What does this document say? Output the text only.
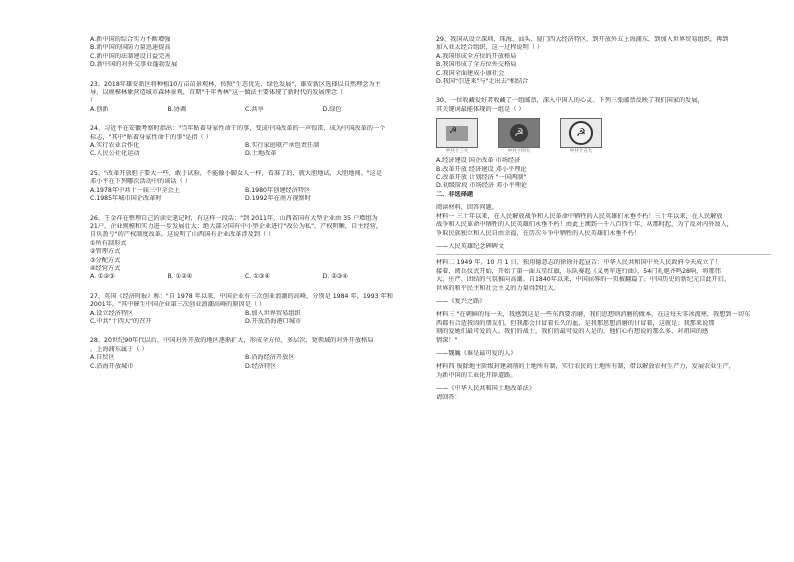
A.新中国的综合实力不断增强
B.新中国的国防力量迅速提高
C.新中国的法制建设日益完善
D.新中国的对外交事业蓬勃发展
23、2018年雄安新区将种植10万亩苗景观林，按照"生态优先、绿色发展"，雄安新区选择以自然理念为主
导，以规模林象营造城市森林景观，首期"千年秀林"这一做法主要体现了新时代的发展理念（
）
A.创新	B.协调	C.共享	D.绿色
24、习近平在安徽考察时指出："当年贴着身家性命干的事，变成中国改革的一声惊雷，成为中国改革的一个
标志，"其中"贴着身家性命干的事"是指（ ）
A.实行农业合作化	B.实行家庭联产承包责任制
C.人民公社化运动	D.土地改革
25、"改革开放胆子要大一些，敢于试验，不能像小脚女人一样，看准了的，就大胆地试，大胆地闯。"这是
邓小平在下列哪次活动中的谈话（ ）
A.1978年中共十一届三中全会上	B.1980年创建经济特区
C.1985年城市国企改革时	D.1992年在南方视察时
26、王金祥在整理自己的读史笔记时，有这样一段话："到 2011年，山西省国有大型企业由 35 户增组为
21户，企业规模和实力进一步发展壮大；绝大部分国有中小型企业进行"改公为私"，产权明晰，自主经营，
自负盈亏"的产权制度改革。这说明了山西国有企业改革涉及到（ ）
①所有制形式
②管理方式
③分配方式
④经营方式
A. ①②③	B. ①②④	C. ①③④	D. ②③④
27、英国《经济时报》称："自 1978 年以来，中国企业有三次创业浪潮的高峰，分别是 1984 年、1993 年和
2001年。"其中催生中国企业第三次创业浪潮高峰的原因是（ ）
A.设立经济特区	B.加入世界贸易组织
C.中共"十四大"的召开	D.开放沿海港口城市
28、20世纪90年代以后，中国对外开放的地区逐渐扩大，形成全方位、多层次、宽领域的对外开放格局
。上海浦东属于（ ）
A.自贸区	B.沿海经济开放区
C.沿海开放城市	D.经济特区
29、我国从设立深圳、珠海、汕头、厦门四大经济特区，到开放外五上海浦东，到加入世界贸易组织，再到
加入亚太经合组织，这一过程说明（ ）
A.我国形成全方位的开放格局
B.我国形成了全方位外交格局
C.我国全面建成小康社会
D.我国"引进来"与"走出去"相结合
30、一位收藏爱好者收藏了一组邮票，深入中国人的心灵。下列三张邮票反映了我们国家的发展，
其关键词最能体现的一组是（ ）
☭
中共十三大
☭
中共十四大
☭
中共十五大
A.经济建设 国企改革 市场经济
B.改革开放 经济建设 邓小平理论
C.改革开放 计划经济 "一国两制"
D.初级阶段 市场经济 邓小平理论
二、非选择题
阅读材料，回答问题。
材料一 三十年以来，在人民解放战争和人民革命中牺牲的人民英雄们永垂不朽！三十年以来，在人民解放
战争和人民革命中牺牲的人民英雄们永垂不朽！由此上溯到一千八百四十年，从那时起，为了反对内外敌人，
争取民族独立和人民自由幸福，在历次斗争中牺牲的人民英雄们永垂不朽！
——人民英雄纪念碑碑文
材料二 1949 年，10 月 1 日，独用德意志的徐徐升起宣告：中华人民共和国中央人民政府今天成立了！
接着，阅兵仪式开始，开始了第一面五星红旗，乐队奏起《义勇军进行曲》，54门礼炮齐鸣28响，将那伟
大、庄严、团结的气氛推向高潮。自1840年以来，中国屈辱的一页被翻篇了。中国历史的新纪元自此开启，
世界的和平民主和社会主义的力量得到壮大。
——《复兴之路》
材料三 "在朝鲜的每一天，我感到这是一些东西要消磨，我们思想则消磨的做本，在这每天零冰流寒，我想到一切东
西都有合适我因的朋友们。但我都会甘冒着长久的血，是我那思想消磨的甘冒着，这就是：我那来说那
刻的爱她们最可爱的人。我们的战士，我们的最可爱的人是的，他们心有想说的那么多，对祖国的感
情深！"
——魏巍《谁是最可爱的人》
材料四 废除地主阶级封建剥削的土地所有制，实行农民的土地所有制，借以解放农村生产力，发展农业生产，
为新中国的工业化开辟道路。
——《中华人民共和国土地改革法》
请回答：
